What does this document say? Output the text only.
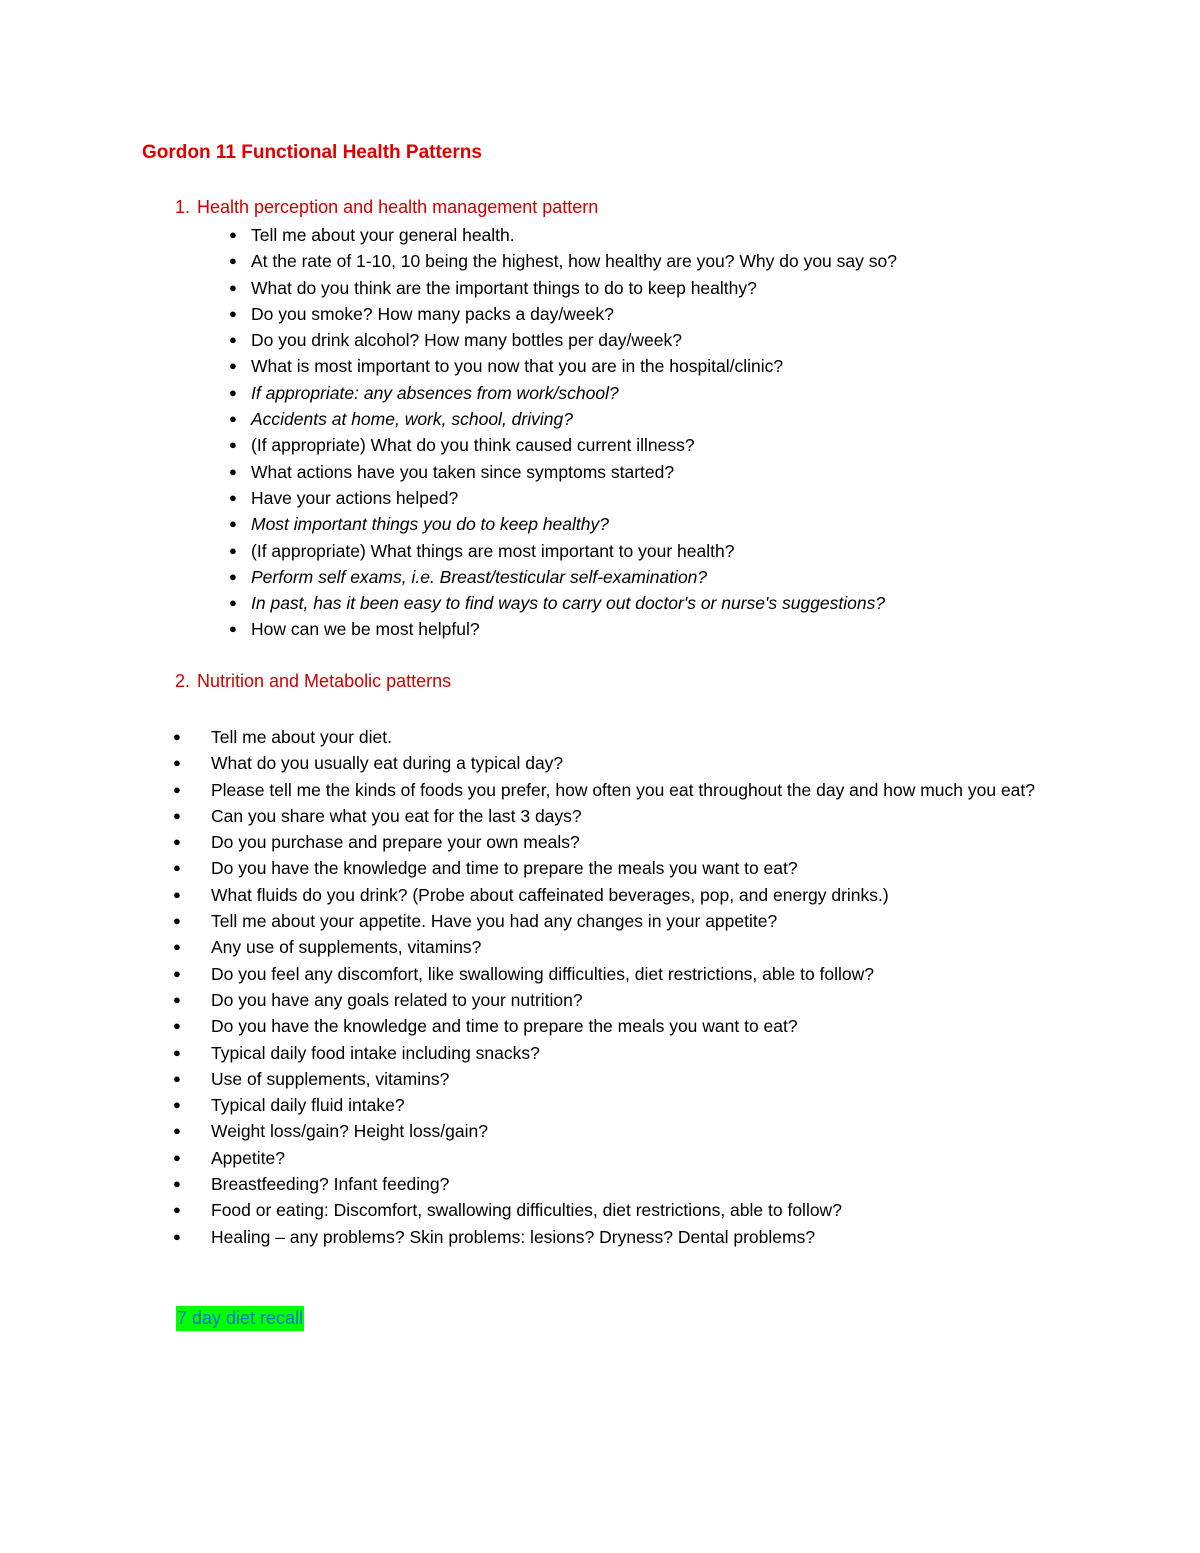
Gordon 11 Functional Health Patterns
1. Health perception and health management pattern
● Tell me about your general health.
● At the rate of 1-10, 10 being the highest, how healthy are you? Why do you say so?
● What do you think are the important things to do to keep healthy?
● Do you smoke? How many packs a day/week?
● Do you drink alcohol? How many bottles per day/week?
● What is most important to you now that you are in the hospital/clinic?
● If appropriate: any absences from work/school?
● Accidents at home, work, school, driving?
● (If appropriate) What do you think caused current illness?
● What actions have you taken since symptoms started?
● Have your actions helped?
● Most important things you do to keep healthy?
● (If appropriate) What things are most important to your health?
● Perform self exams, i.e. Breast/testicular self-examination?
● In past, has it been easy to find ways to carry out doctor's or nurse's suggestions?
● How can we be most helpful?
2. Nutrition and Metabolic patterns
● Tell me about your diet.
● What do you usually eat during a typical day?
● Please tell me the kinds of foods you prefer, how often you eat throughout the day and how much you eat?
● Can you share what you eat for the last 3 days?
● Do you purchase and prepare your own meals?
● Do you have the knowledge and time to prepare the meals you want to eat?
● What fluids do you drink? (Probe about caffeinated beverages, pop, and energy drinks.)
● Tell me about your appetite. Have you had any changes in your appetite?
● Any use of supplements, vitamins?
● Do you feel any discomfort, like swallowing difficulties, diet restrictions, able to follow?
● Do you have any goals related to your nutrition?
● Do you have the knowledge and time to prepare the meals you want to eat?
● Typical daily food intake including snacks?
● Use of supplements, vitamins?
● Typical daily fluid intake?
● Weight loss/gain? Height loss/gain?
● Appetite?
● Breastfeeding? Infant feeding?
● Food or eating: Discomfort, swallowing difficulties, diet restrictions, able to follow?
● Healing – any problems? Skin problems: lesions? Dryness? Dental problems?

7 day diet recall
